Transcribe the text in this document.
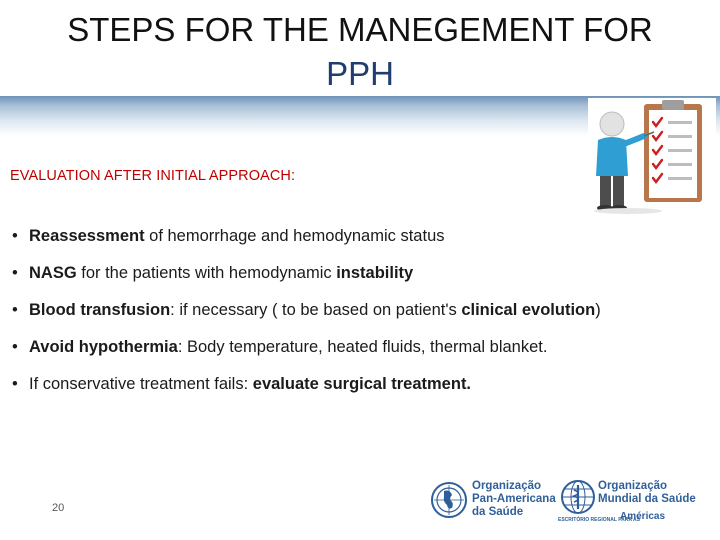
STEPS FOR THE MANEGEMENT FOR
PPH
EVALUATION AFTER INITIAL APPROACH:
• Reassessment of hemorrhage and hemodynamic status
• NASG for the patients with hemodynamic instability
• Blood transfusion: if necessary ( to be based on patient's clinical evolution)
• Avoid hypothermia: Body temperature, heated fluids, thermal blanket.
• If conservative treatment fails: evaluate surgical treatment.
20
Organização
Pan-Americana
da Saúde
Organização
Mundial da Saúde
ESCRITÓRIO REGIONAL PARA AS
Américas
